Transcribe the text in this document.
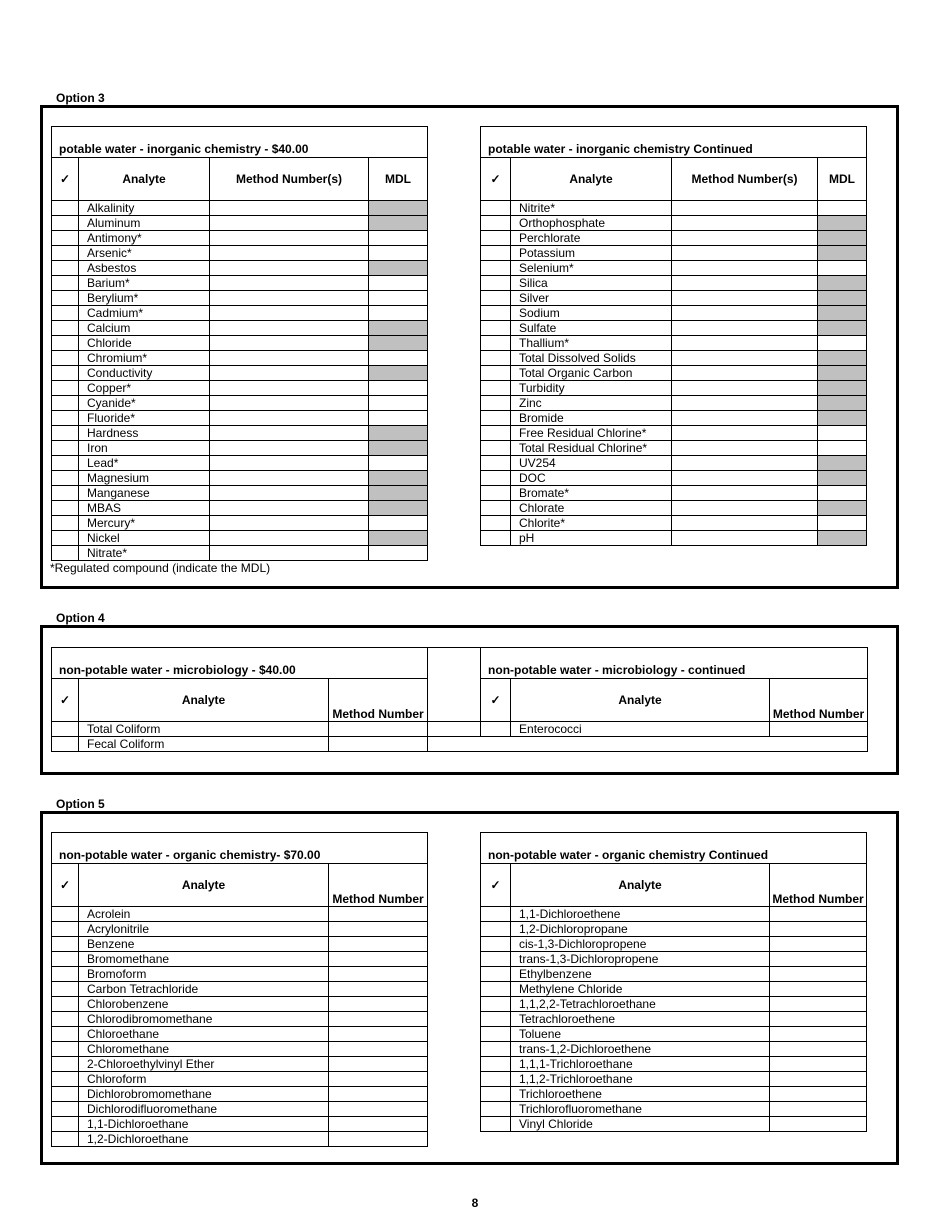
Option 3
potable water - inorganic chemistry - $40.00			
✓	Analyte	Method Number(s)	MDL
	Alkalinity		
	Aluminum		
	Antimony*		
	Arsenic*		
	Asbestos		
	Barium*		
	Berylium*		
	Cadmium*		
	Calcium		
	Chloride		
	Chromium*		
	Conductivity		
	Copper*		
	Cyanide*		
	Fluoride*		
	Hardness		
	Iron		
	Lead*		
	Magnesium		
	Manganese		
	MBAS		
	Mercury*		
	Nickel		
	Nitrate*		
potable water - inorganic chemistry Continued			
✓	Analyte	Method Number(s)	MDL
	Nitrite*		
	Orthophosphate		
	Perchlorate		
	Potassium		
	Selenium*		
	Silica		
	Silver		
	Sodium		
	Sulfate		
	Thallium*		
	Total Dissolved Solids		
	Total Organic Carbon		
	Turbidity		
	Zinc		
	Bromide		
	Free Residual Chlorine*		
	Total Residual Chlorine*		
	UV254		
	DOC		
	Bromate*		
	Chlorate		
	Chlorite*		
	pH		
*Regulated compound (indicate the MDL)
Option 4
non-potable water - microbiology - $40.00				non-potable water - microbiology - continued		
✓	Analyte	Method Number		✓	Analyte	Method Number
	Total Coliform				Enterococci	
	Fecal Coliform					
Option 5
non-potable water - organic chemistry- $70.00		
✓	Analyte	Method Number
	Acrolein	
	Acrylonitrile	
	Benzene	
	Bromomethane	
	Bromoform	
	Carbon Tetrachloride	
	Chlorobenzene	
	Chlorodibromomethane	
	Chloroethane	
	Chloromethane	
	2-Chloroethylvinyl Ether	
	Chloroform	
	Dichlorobromomethane	
	Dichlorodifluoromethane	
	1,1-Dichloroethane	
	1,2-Dichloroethane	
non-potable water - organic chemistry Continued		
✓	Analyte	Method Number
	1,1-Dichloroethene	
	1,2-Dichloropropane	
	cis-1,3-Dichloropropene	
	trans-1,3-Dichloropropene	
	Ethylbenzene	
	Methylene Chloride	
	1,1,2,2-Tetrachloroethane	
	Tetrachloroethene	
	Toluene	
	trans-1,2-Dichloroethene	
	1,1,1-Trichloroethane	
	1,1,2-Trichloroethane	
	Trichloroethene	
	Trichlorofluoromethane	
	Vinyl Chloride	
8
